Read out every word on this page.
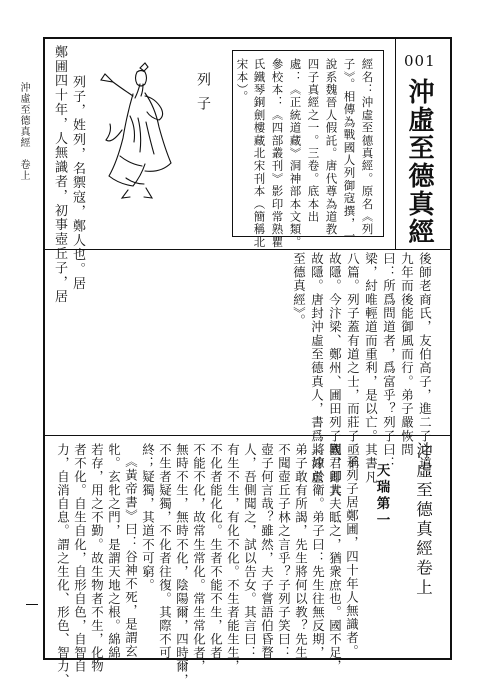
沖虛至德真經　卷上
001
沖虛至德真經
經名：沖虛至德真經。原名《列
子》。相傳為戰國人列御寇撰，一
說系魏晉人假託。唐代尊為道教
四子真經之一。三卷。底本出
處：《正統道藏》洞神部本文類。
參校本：《四部叢刊》影印常熟瞿
氏鐵琴銅劍樓藏北宋刊本（簡稱北
宋本）。
列子
鄭圃四十年，人無識者，初事壺丘子，居 列子，姓列，名禦寇，鄭人也。居
後師老商氏，友伯高子，進二子之道，
九年而後能御風而行。弟子嚴恢問
曰：所爲問道者，爲富乎？列子曰：
梁，紂唯輕道而重利，是以亡。其書凡
八篇。列子蓋有道之士，而莊子亟稱
故隱。今汴梁、鄭州、圃田列子觀，即其
故隱。唐封沖虛至德真人，書爲《沖虛
至德真經》。
沖虛至德真經卷上
天瑞第一
子列子居鄭圃，四十年人無識者。
國君卿大夫眡之，猶衆庶也。國不足，
將嫁於衛。弟子曰：先生往無反期，
弟子敢有所謁，先生將何以教？先生
不聞壺丘子林之言乎？子列子笑曰：
壺子何言哉？雖然，夫子嘗語伯昏瞀
人，吾側聞之，試以告女。其言曰：
有生不生，有化不化。不生者能生生，
不化者能化化。生者不能不生，化者
不能不化，故常生常化。常生常化者，
無時不生，無時不化，陰陽爾，四時爾，
不生者疑獨，不化者往復。其際不可
終；疑獨，其道不可窮。
《黃帝書》曰：谷神不死，是謂玄
牝。玄牝之門，是謂天地之根。綿綿
若存，用之不勤。故生物者不生，化物
者不化。自生自化，自形自色，自智自
力，自消自息。謂之生化、形色、智力、
